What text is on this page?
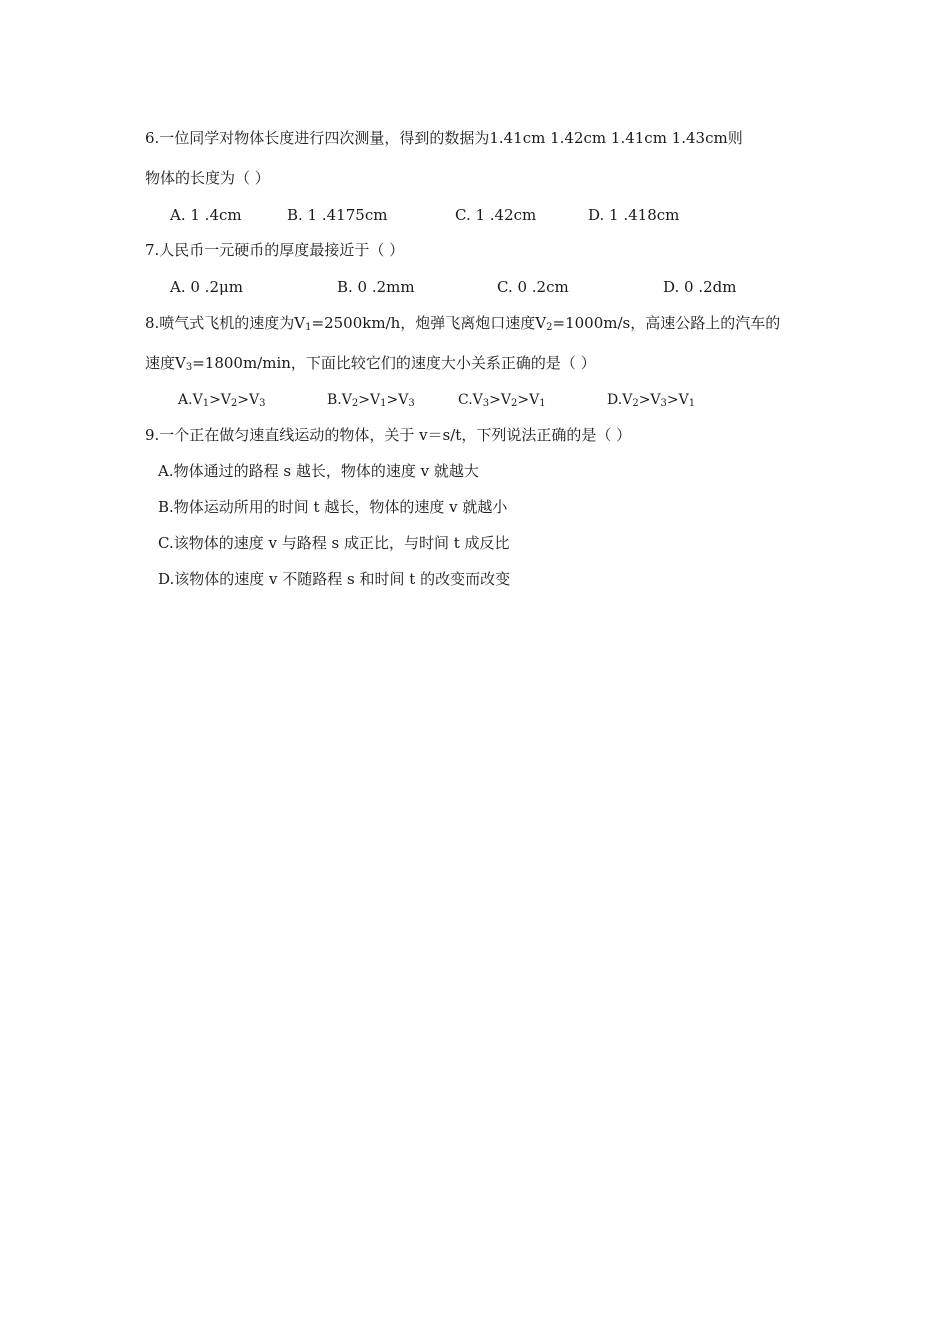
6.一位同学对物体长度进行四次测量，得到的数据为1.41cm 1.42cm 1.41cm 1.43cm则
物体的长度为（ ）
A. 1 .4cm	B. 1 .4175cm	C. 1 .42cm	D. 1 .418cm
7.人民币一元硬币的厚度最接近于（ ）
A. 0 .2μm	B. 0 .2mm	C. 0 .2cm	D. 0 .2dm
8.喷气式飞机的速度为$V_1=2500km/h$，炮弹飞离炮口速度$V_2=1000m/s$，高速公路上的汽车的
速度$V_3=1800m/\min$，下面比较它们的速度大小关系正确的是（ ）
$A.V_1>V_2>V_3$	$B.V_2>V_1>V_3$	$C.V_3>V_2>V_1$	$D.V_2>V_3>V_1$
9.一个正在做匀速直线运动的物体，关于 v＝s/t，下列说法正确的是（ ）
A.物体通过的路程 s 越长，物体的速度 v 就越大
B.物体运动所用的时间 t 越长，物体的速度 v 就越小
C.该物体的速度 v 与路程 s 成正比，与时间 t 成反比
D.该物体的速度 v 不随路程 s 和时间 t 的改变而改变
